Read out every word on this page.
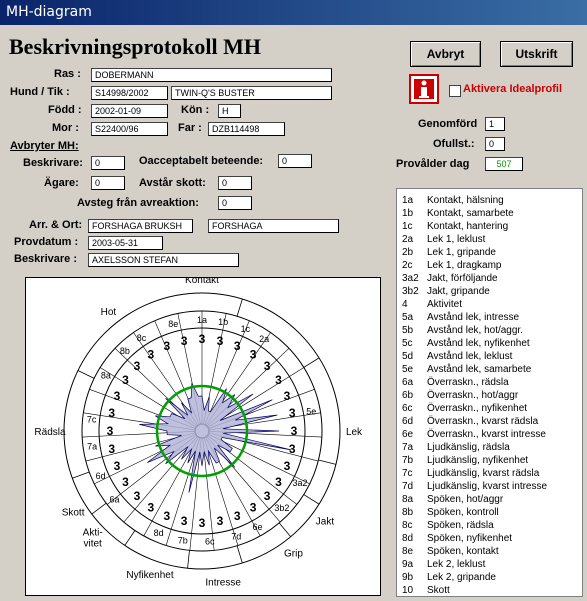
MH-diagram
Beskrivningsprotokoll MH	Avbryt	Utskrift
Aktivera Idealprofil
Ras :	DOBERMANN
Hund / Tik :	S14998/2002	TWIN-Q'S BUSTER
Född :	2002-01-09	Kön :	H
Mor :	S22400/96	Far :	DZB114498	Genomförd	1
Ofullst.:	0
Provålder dag	507
Avbryter MH:
Beskrivare:	0	Oacceptabelt beteende:	0
Ägare:	0	Avstår skott:	0
Avsteg från avreaktion:	0
Arr. & Ort:	FORSHAGA BRUKSH	FORSHAGA
Provdatum :	2003-05-31
Beskrivare :	AXELSSON STEFAN
1a Kontakt, hälsning
1b Kontakt, samarbete
1c Kontakt, hantering
2a Lek 1, leklust
2b Lek 1, gripande
2c Lek 1, dragkamp
3a2 Jakt, förföljande
3b2 Jakt, gripande
4 Aktivitet
5a Avstånd lek, intresse
5b Avstånd lek, hot/aggr.
5c Avstånd lek, nyfikenhet
5d Avstånd lek, leklust
5e Avstånd lek, samarbete
6a Överraskn., rädsla
6b Överraskn., hot/aggr
6c Överraskn., nyfikenhet
6d Överraskn., kvarst rädsla
6e Överraskn., kvarst intresse
7a Ljudkänslig, rädsla
7b Ljudkänslig, nyfikenhet
7c Ljudkänslig, kvarst rädsla
7d Ljudkänslig, kvarst intresse
8a Spöken, hot/aggr
8b Spöken, kontroll
8c Spöken, rädsla
8d Spöken, nyfikenhet
8e Spöken, kontakt
9a Lek 2, leklust
9b Lek 2, gripande
10 Skott
3 3 3
3
3
3
3
3
3
3
3
3
3
3
3
3
3
3
3
3
3
3
3
3
3
3
3
3
3
3
3 3
1a 1b
1c
2a
5e
3a2
3b2
6e
7d
6c
7b
8d
6a
6d
7a
7c
8a
8b
8c
8e
Kontakt
Lek
Jakt
Grip
Intresse
Nyfikenhet
Akti-vitet
Skott
Rädsla
Hot
